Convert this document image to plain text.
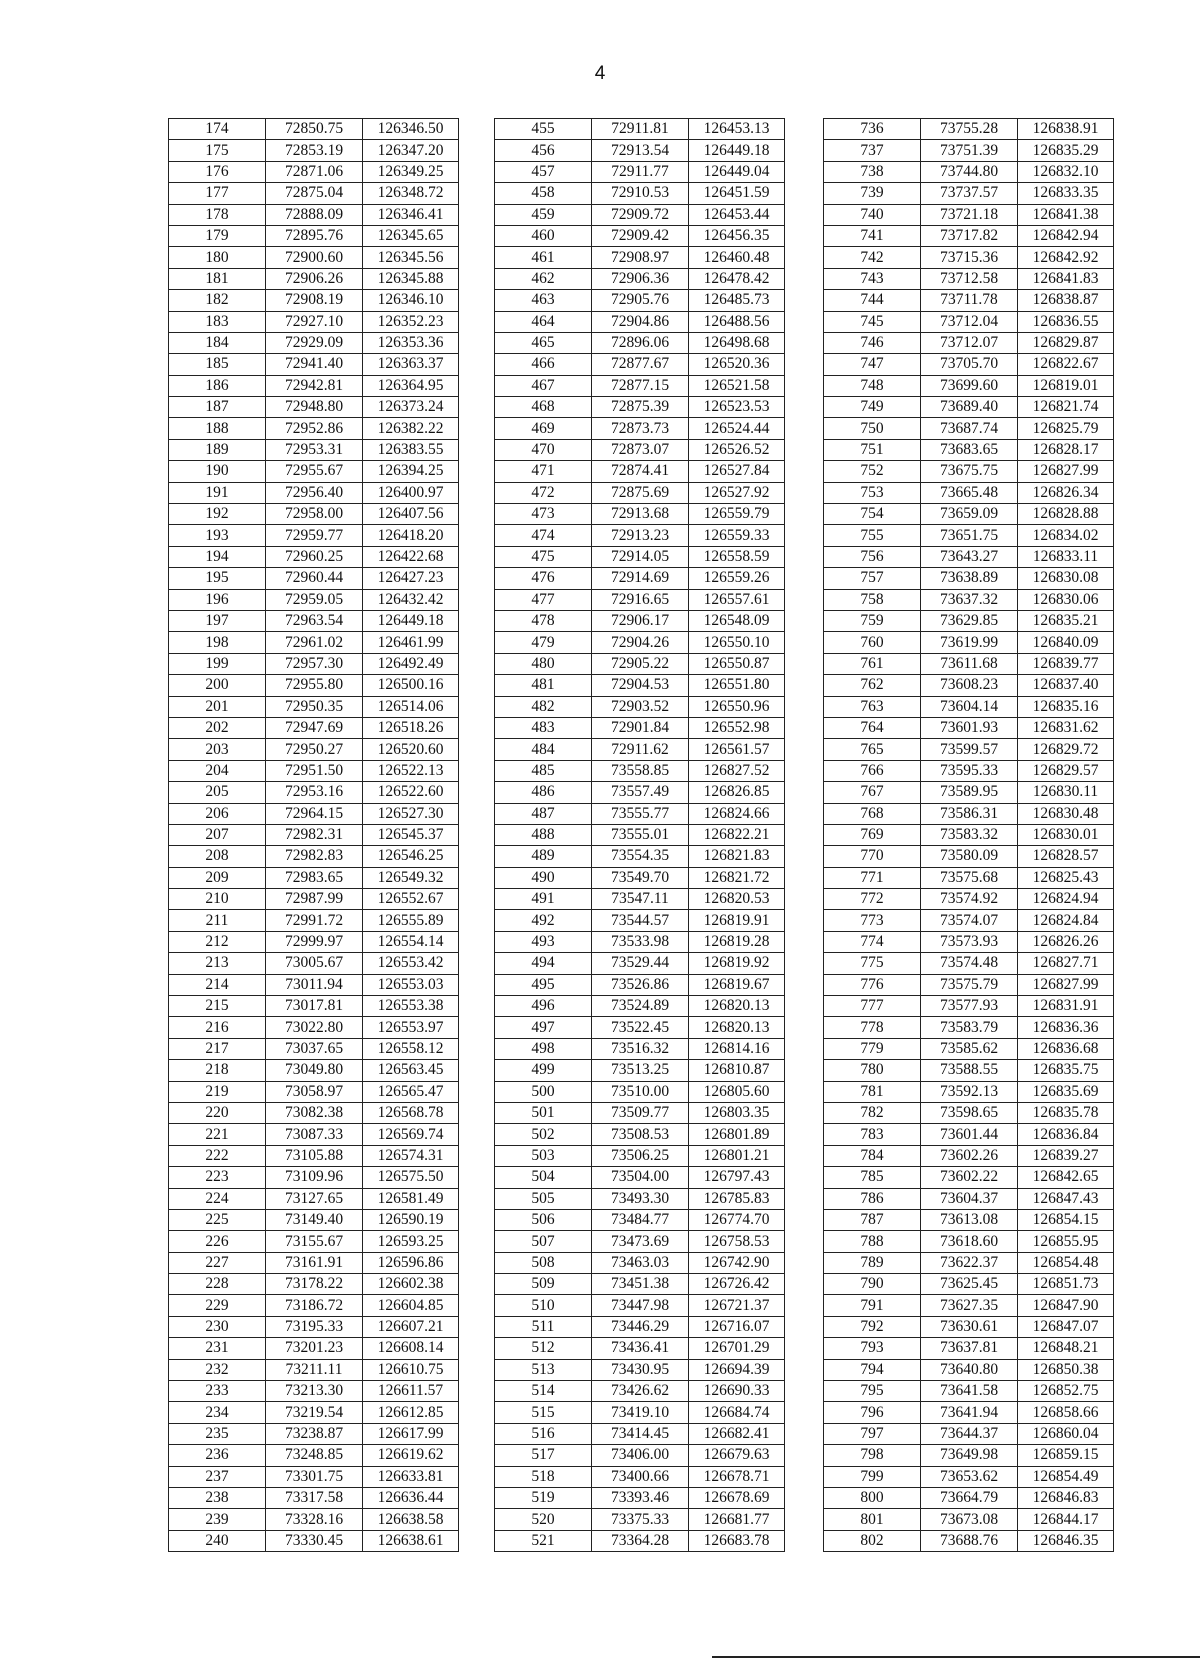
4
174	72850.75	126346.50
175	72853.19	126347.20
176	72871.06	126349.25
177	72875.04	126348.72
178	72888.09	126346.41
179	72895.76	126345.65
180	72900.60	126345.56
181	72906.26	126345.88
182	72908.19	126346.10
183	72927.10	126352.23
184	72929.09	126353.36
185	72941.40	126363.37
186	72942.81	126364.95
187	72948.80	126373.24
188	72952.86	126382.22
189	72953.31	126383.55
190	72955.67	126394.25
191	72956.40	126400.97
192	72958.00	126407.56
193	72959.77	126418.20
194	72960.25	126422.68
195	72960.44	126427.23
196	72959.05	126432.42
197	72963.54	126449.18
198	72961.02	126461.99
199	72957.30	126492.49
200	72955.80	126500.16
201	72950.35	126514.06
202	72947.69	126518.26
203	72950.27	126520.60
204	72951.50	126522.13
205	72953.16	126522.60
206	72964.15	126527.30
207	72982.31	126545.37
208	72982.83	126546.25
209	72983.65	126549.32
210	72987.99	126552.67
211	72991.72	126555.89
212	72999.97	126554.14
213	73005.67	126553.42
214	73011.94	126553.03
215	73017.81	126553.38
216	73022.80	126553.97
217	73037.65	126558.12
218	73049.80	126563.45
219	73058.97	126565.47
220	73082.38	126568.78
221	73087.33	126569.74
222	73105.88	126574.31
223	73109.96	126575.50
224	73127.65	126581.49
225	73149.40	126590.19
226	73155.67	126593.25
227	73161.91	126596.86
228	73178.22	126602.38
229	73186.72	126604.85
230	73195.33	126607.21
231	73201.23	126608.14
232	73211.11	126610.75
233	73213.30	126611.57
234	73219.54	126612.85
235	73238.87	126617.99
236	73248.85	126619.62
237	73301.75	126633.81
238	73317.58	126636.44
239	73328.16	126638.58
240	73330.45	126638.61
455	72911.81	126453.13
456	72913.54	126449.18
457	72911.77	126449.04
458	72910.53	126451.59
459	72909.72	126453.44
460	72909.42	126456.35
461	72908.97	126460.48
462	72906.36	126478.42
463	72905.76	126485.73
464	72904.86	126488.56
465	72896.06	126498.68
466	72877.67	126520.36
467	72877.15	126521.58
468	72875.39	126523.53
469	72873.73	126524.44
470	72873.07	126526.52
471	72874.41	126527.84
472	72875.69	126527.92
473	72913.68	126559.79
474	72913.23	126559.33
475	72914.05	126558.59
476	72914.69	126559.26
477	72916.65	126557.61
478	72906.17	126548.09
479	72904.26	126550.10
480	72905.22	126550.87
481	72904.53	126551.80
482	72903.52	126550.96
483	72901.84	126552.98
484	72911.62	126561.57
485	73558.85	126827.52
486	73557.49	126826.85
487	73555.77	126824.66
488	73555.01	126822.21
489	73554.35	126821.83
490	73549.70	126821.72
491	73547.11	126820.53
492	73544.57	126819.91
493	73533.98	126819.28
494	73529.44	126819.92
495	73526.86	126819.67
496	73524.89	126820.13
497	73522.45	126820.13
498	73516.32	126814.16
499	73513.25	126810.87
500	73510.00	126805.60
501	73509.77	126803.35
502	73508.53	126801.89
503	73506.25	126801.21
504	73504.00	126797.43
505	73493.30	126785.83
506	73484.77	126774.70
507	73473.69	126758.53
508	73463.03	126742.90
509	73451.38	126726.42
510	73447.98	126721.37
511	73446.29	126716.07
512	73436.41	126701.29
513	73430.95	126694.39
514	73426.62	126690.33
515	73419.10	126684.74
516	73414.45	126682.41
517	73406.00	126679.63
518	73400.66	126678.71
519	73393.46	126678.69
520	73375.33	126681.77
521	73364.28	126683.78
736	73755.28	126838.91
737	73751.39	126835.29
738	73744.80	126832.10
739	73737.57	126833.35
740	73721.18	126841.38
741	73717.82	126842.94
742	73715.36	126842.92
743	73712.58	126841.83
744	73711.78	126838.87
745	73712.04	126836.55
746	73712.07	126829.87
747	73705.70	126822.67
748	73699.60	126819.01
749	73689.40	126821.74
750	73687.74	126825.79
751	73683.65	126828.17
752	73675.75	126827.99
753	73665.48	126826.34
754	73659.09	126828.88
755	73651.75	126834.02
756	73643.27	126833.11
757	73638.89	126830.08
758	73637.32	126830.06
759	73629.85	126835.21
760	73619.99	126840.09
761	73611.68	126839.77
762	73608.23	126837.40
763	73604.14	126835.16
764	73601.93	126831.62
765	73599.57	126829.72
766	73595.33	126829.57
767	73589.95	126830.11
768	73586.31	126830.48
769	73583.32	126830.01
770	73580.09	126828.57
771	73575.68	126825.43
772	73574.92	126824.94
773	73574.07	126824.84
774	73573.93	126826.26
775	73574.48	126827.71
776	73575.79	126827.99
777	73577.93	126831.91
778	73583.79	126836.36
779	73585.62	126836.68
780	73588.55	126835.75
781	73592.13	126835.69
782	73598.65	126835.78
783	73601.44	126836.84
784	73602.26	126839.27
785	73602.22	126842.65
786	73604.37	126847.43
787	73613.08	126854.15
788	73618.60	126855.95
789	73622.37	126854.48
790	73625.45	126851.73
791	73627.35	126847.90
792	73630.61	126847.07
793	73637.81	126848.21
794	73640.80	126850.38
795	73641.58	126852.75
796	73641.94	126858.66
797	73644.37	126860.04
798	73649.98	126859.15
799	73653.62	126854.49
800	73664.79	126846.83
801	73673.08	126844.17
802	73688.76	126846.35
